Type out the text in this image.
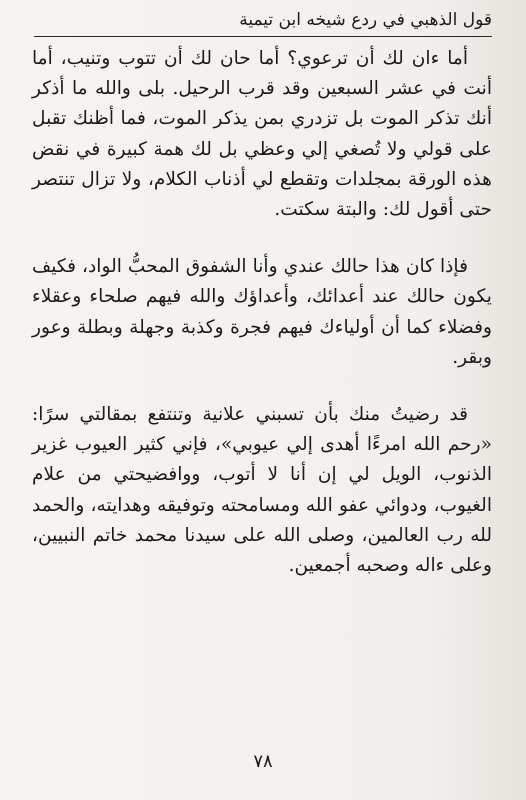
قول الذهبي في ردع شيخه ابن تيمية

أما ءان لك أن ترعوي؟ أما حان لك أن تتوب وتنيب، أما أنت في عشر السبعين وقد قرب الرحيل. بلى والله ما أذكر أنك تذكر الموت بل تزدري بمن يذكر الموت، فما أظنك تقبل على قولي ولا تُصغي إلي وعظي بل لك همة كبيرة في نقض هذه الورقة بمجلدات وتقطع لي أذناب الكلام، ولا تزال تنتصر حتى أقول لك: والبتة سكتت.

فإذا كان هذا حالك عندي وأنا الشفوق المحبُّ الواد، فكيف يكون حالك عند أعدائك، وأعداؤك والله فيهم صلحاء وعقلاء وفضلاء كما أن أولياءك فيهم فجرة وكذبة وجهلة وبطلة وعور وبقر.

قد رضيتُ منك بأن تسبني علانية وتنتفع بمقالتي سرًا: «رحم الله امرءًا أهدى إلي عيوبي»، فإني كثير العيوب غزير الذنوب، الويل لي إن أنا لا أتوب، ووافضيحتي من علام الغيوب، ودوائي عفو الله ومسامحته وتوفيقه وهدايته، والحمد لله رب العالمين، وصلى الله على سيدنا محمد خاتم النبيين، وعلى ءاله وصحبه أجمعين.

٧٨
